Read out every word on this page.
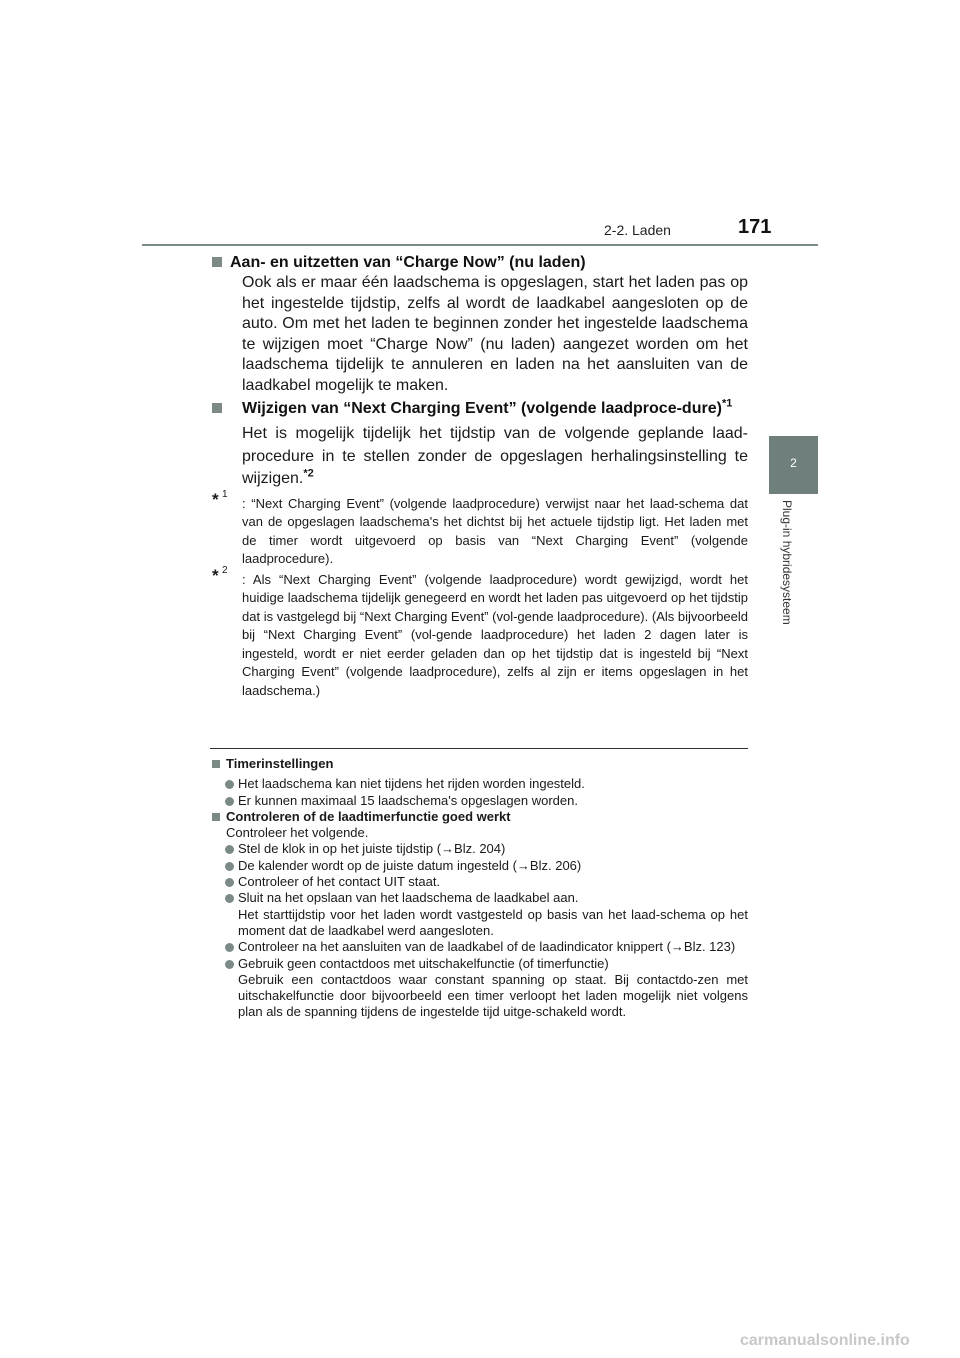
2-2. Laden	171
2
Plug-in hybridesysteem
Aan- en uitzetten van “Charge Now” (nu laden)
Ook als er maar één laadschema is opgeslagen, start het laden pas op het ingestelde tijdstip, zelfs al wordt de laadkabel aangesloten op de auto. Om met het laden te beginnen zonder het ingestelde laadschema te wijzigen moet “Charge Now” (nu laden) aangezet worden om het laadschema tijdelijk te annuleren en laden na het aansluiten van de laadkabel mogelijk te maken.
Wijzigen van “Next Charging Event” (volgende laadproce-dure)$^{*1}$
Het is mogelijk tijdelijk het tijdstip van de volgende geplande laad-procedure in te stellen zonder de opgeslagen herhalingsinstelling te wijzigen.$^{*2}$
* 1
: “Next Charging Event” (volgende laadprocedure) verwijst naar het laad-schema dat van de opgeslagen laadschema's het dichtst bij het actuele tijdstip ligt. Het laden met de timer wordt uitgevoerd op basis van “Next Charging Event” (volgende laadprocedure).
* 2
: Als “Next Charging Event” (volgende laadprocedure) wordt gewijzigd, wordt het huidige laadschema tijdelijk genegeerd en wordt het laden pas uitgevoerd op het tijdstip dat is vastgelegd bij “Next Charging Event” (vol-gende laadprocedure). (Als bijvoorbeeld bij “Next Charging Event” (vol-gende laadprocedure) het laden 2 dagen later is ingesteld, wordt er niet eerder geladen dan op het tijdstip dat is ingesteld bij “Next Charging Event” (volgende laadprocedure), zelfs al zijn er items opgeslagen in het laadschema.)
Timerinstellingen
Het laadschema kan niet tijdens het rijden worden ingesteld.
Er kunnen maximaal 15 laadschema's opgeslagen worden.
Controleren of de laadtimerfunctie goed werkt
Controleer het volgende.
Stel de klok in op het juiste tijdstip (→Blz. 204)
De kalender wordt op de juiste datum ingesteld (→Blz. 206)
Controleer of het contact UIT staat.
Sluit na het opslaan van het laadschema de laadkabel aan.
Het starttijdstip voor het laden wordt vastgesteld op basis van het laad-schema op het moment dat de laadkabel werd aangesloten.
Controleer na het aansluiten van de laadkabel of de laadindicator knippert (→Blz. 123)
Gebruik geen contactdoos met uitschakelfunctie (of timerfunctie)
Gebruik een contactdoos waar constant spanning op staat. Bij contactdo-zen met uitschakelfunctie door bijvoorbeeld een timer verloopt het laden mogelijk niet volgens plan als de spanning tijdens de ingestelde tijd uitge-schakeld wordt.
carmanualsonline.info
